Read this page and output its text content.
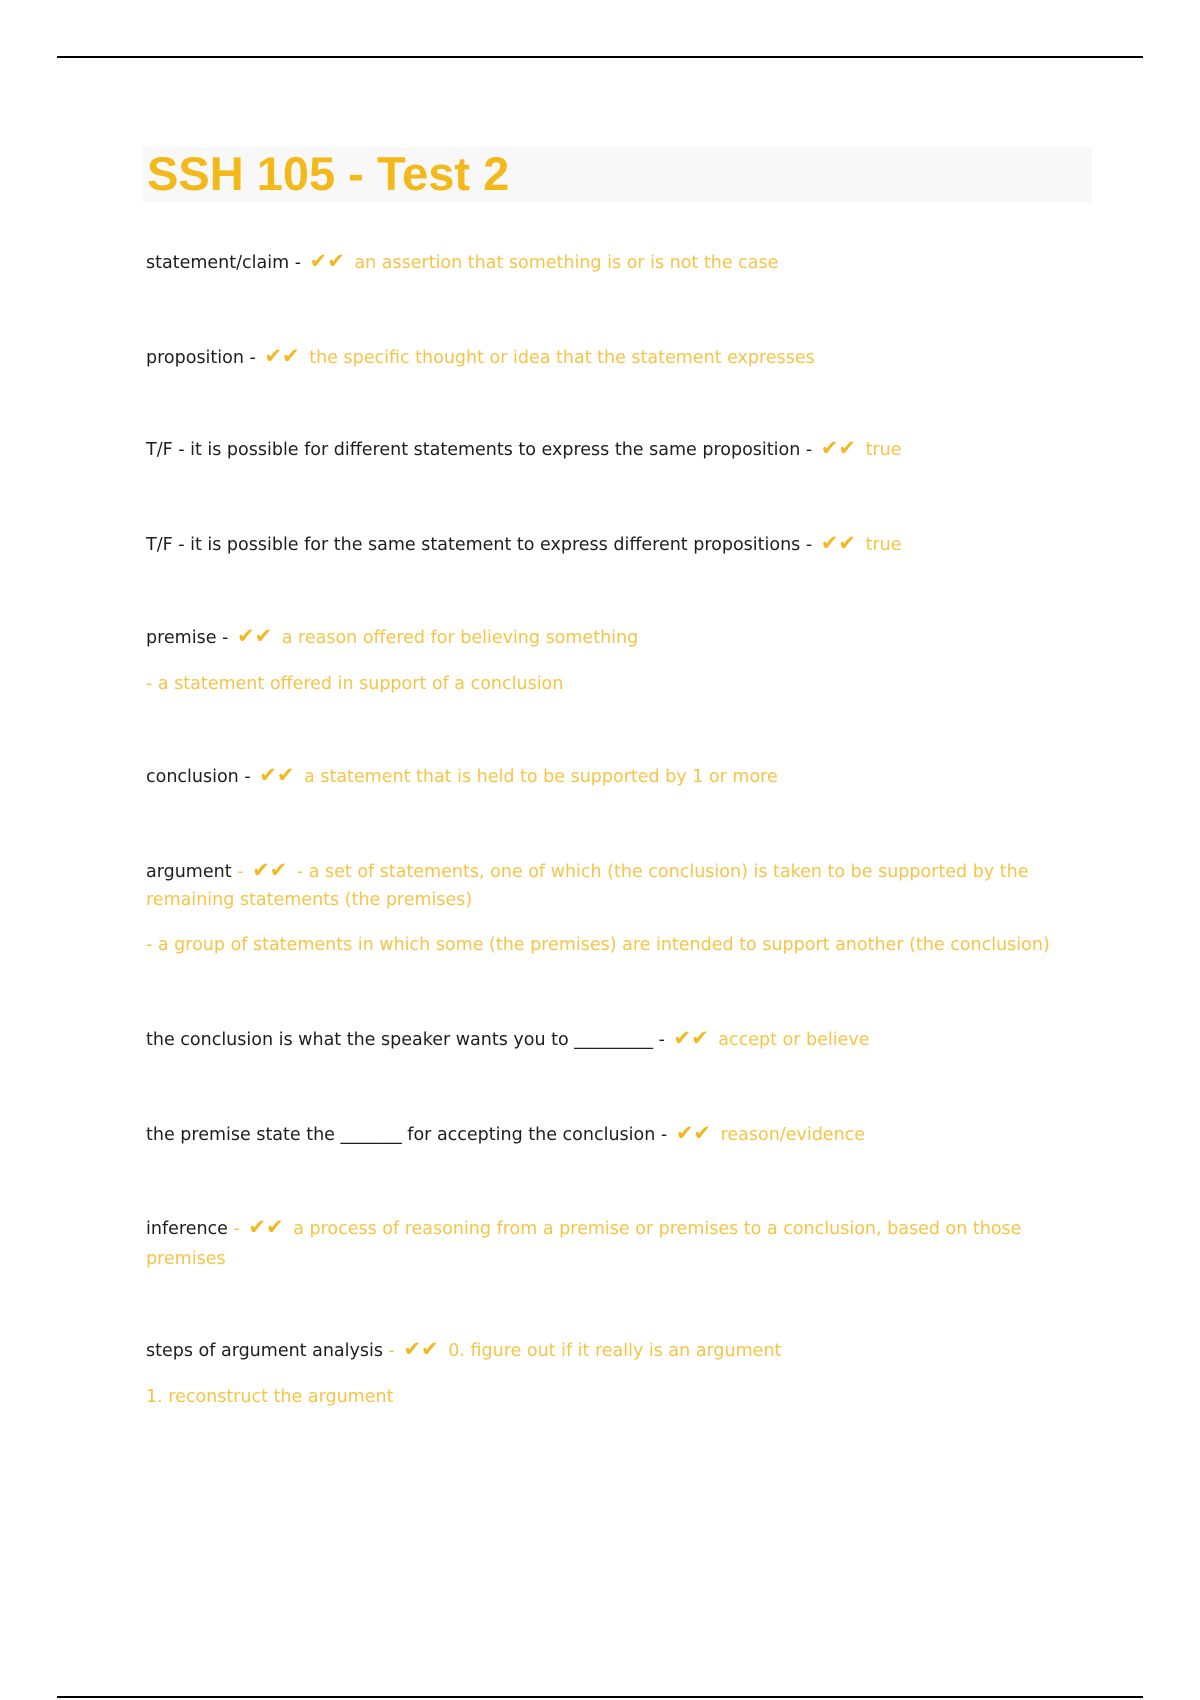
SSH 105 - Test 2

statement/claim - ✔✔ an assertion that something is or is not the case

proposition - ✔✔ the specific thought or idea that the statement expresses

T/F - it is possible for different statements to express the same proposition - ✔✔ true

T/F - it is possible for the same statement to express different propositions - ✔✔ true

premise - ✔✔ a reason offered for believing something

- a statement offered in support of a conclusion

conclusion - ✔✔ a statement that is held to be supported by 1 or more

argument - ✔✔ - a set of statements, one of which (the conclusion) is taken to be supported by the
remaining statements (the premises)

- a group of statements in which some (the premises) are intended to support another (the conclusion)

the conclusion is what the speaker wants you to _________ - ✔✔ accept or believe

the premise state the _______ for accepting the conclusion - ✔✔ reason/evidence

inference - ✔✔ a process of reasoning from a premise or premises to a conclusion, based on those
premises

steps of argument analysis - ✔✔ 0. figure out if it really is an argument

1. reconstruct the argument
